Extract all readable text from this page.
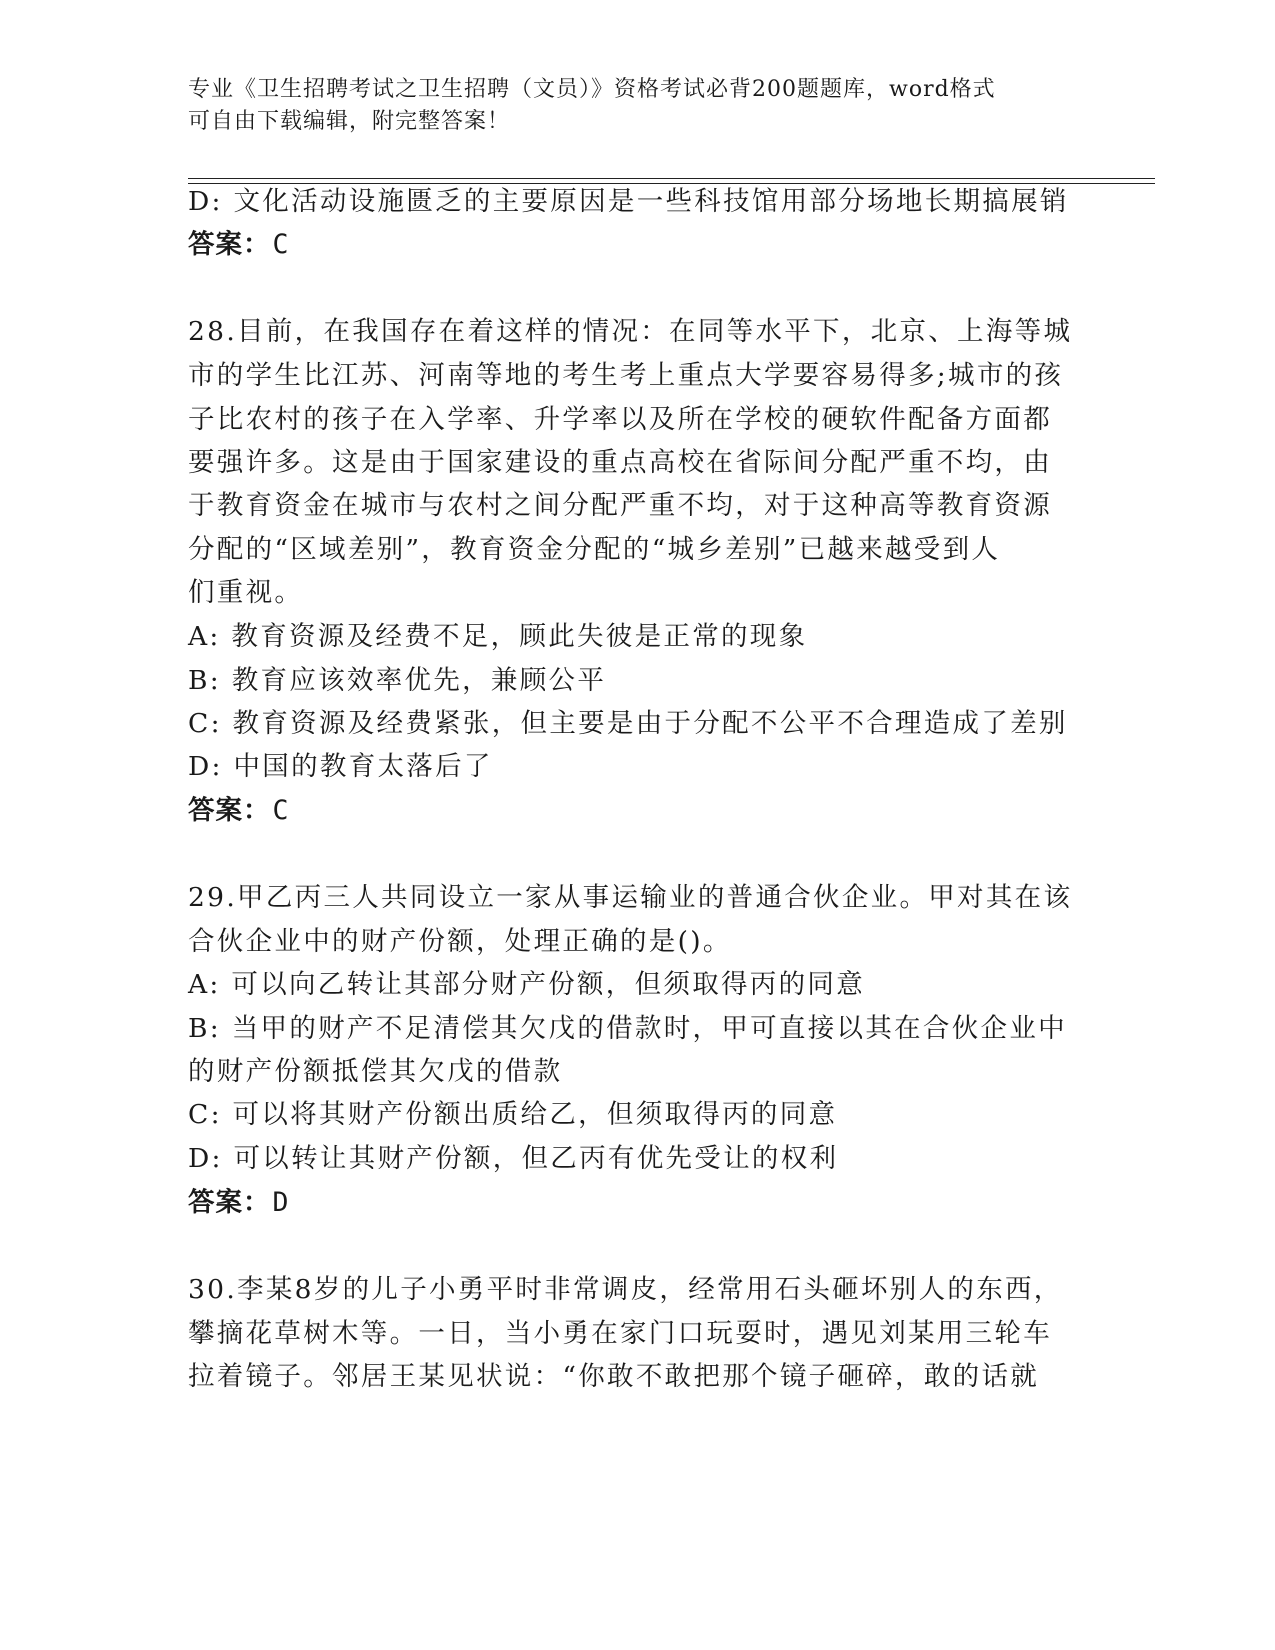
专业《卫生招聘考试之卫生招聘（文员）》资格考试必背200题题库，word格式
可自由下载编辑，附完整答案！
D: 文化活动设施匮乏的主要原因是一些科技馆用部分场地长期搞展销
答案：C
28.目前，在我国存在着这样的情况：在同等水平下，北京、上海等城
市的学生比江苏、河南等地的考生考上重点大学要容易得多;城市的孩
子比农村的孩子在入学率、升学率以及所在学校的硬软件配备方面都
要强许多。这是由于国家建设的重点高校在省际间分配严重不均，由
于教育资金在城市与农村之间分配严重不均，对于这种高等教育资源
分配的“区域差别”，教育资金分配的“城乡差别”已越来越受到人
们重视。
A: 教育资源及经费不足，顾此失彼是正常的现象
B: 教育应该效率优先，兼顾公平
C: 教育资源及经费紧张，但主要是由于分配不公平不合理造成了差别
D: 中国的教育太落后了
答案：C
29.甲乙丙三人共同设立一家从事运输业的普通合伙企业。甲对其在该
合伙企业中的财产份额，处理正确的是()。
A: 可以向乙转让其部分财产份额，但须取得丙的同意
B: 当甲的财产不足清偿其欠戊的借款时，甲可直接以其在合伙企业中
的财产份额抵偿其欠戊的借款
C: 可以将其财产份额出质给乙，但须取得丙的同意
D: 可以转让其财产份额，但乙丙有优先受让的权利
答案：D
30.李某8岁的儿子小勇平时非常调皮，经常用石头砸坏别人的东西，
攀摘花草树木等。一日，当小勇在家门口玩耍时，遇见刘某用三轮车
拉着镜子。邻居王某见状说：“你敢不敢把那个镜子砸碎，敢的话就
